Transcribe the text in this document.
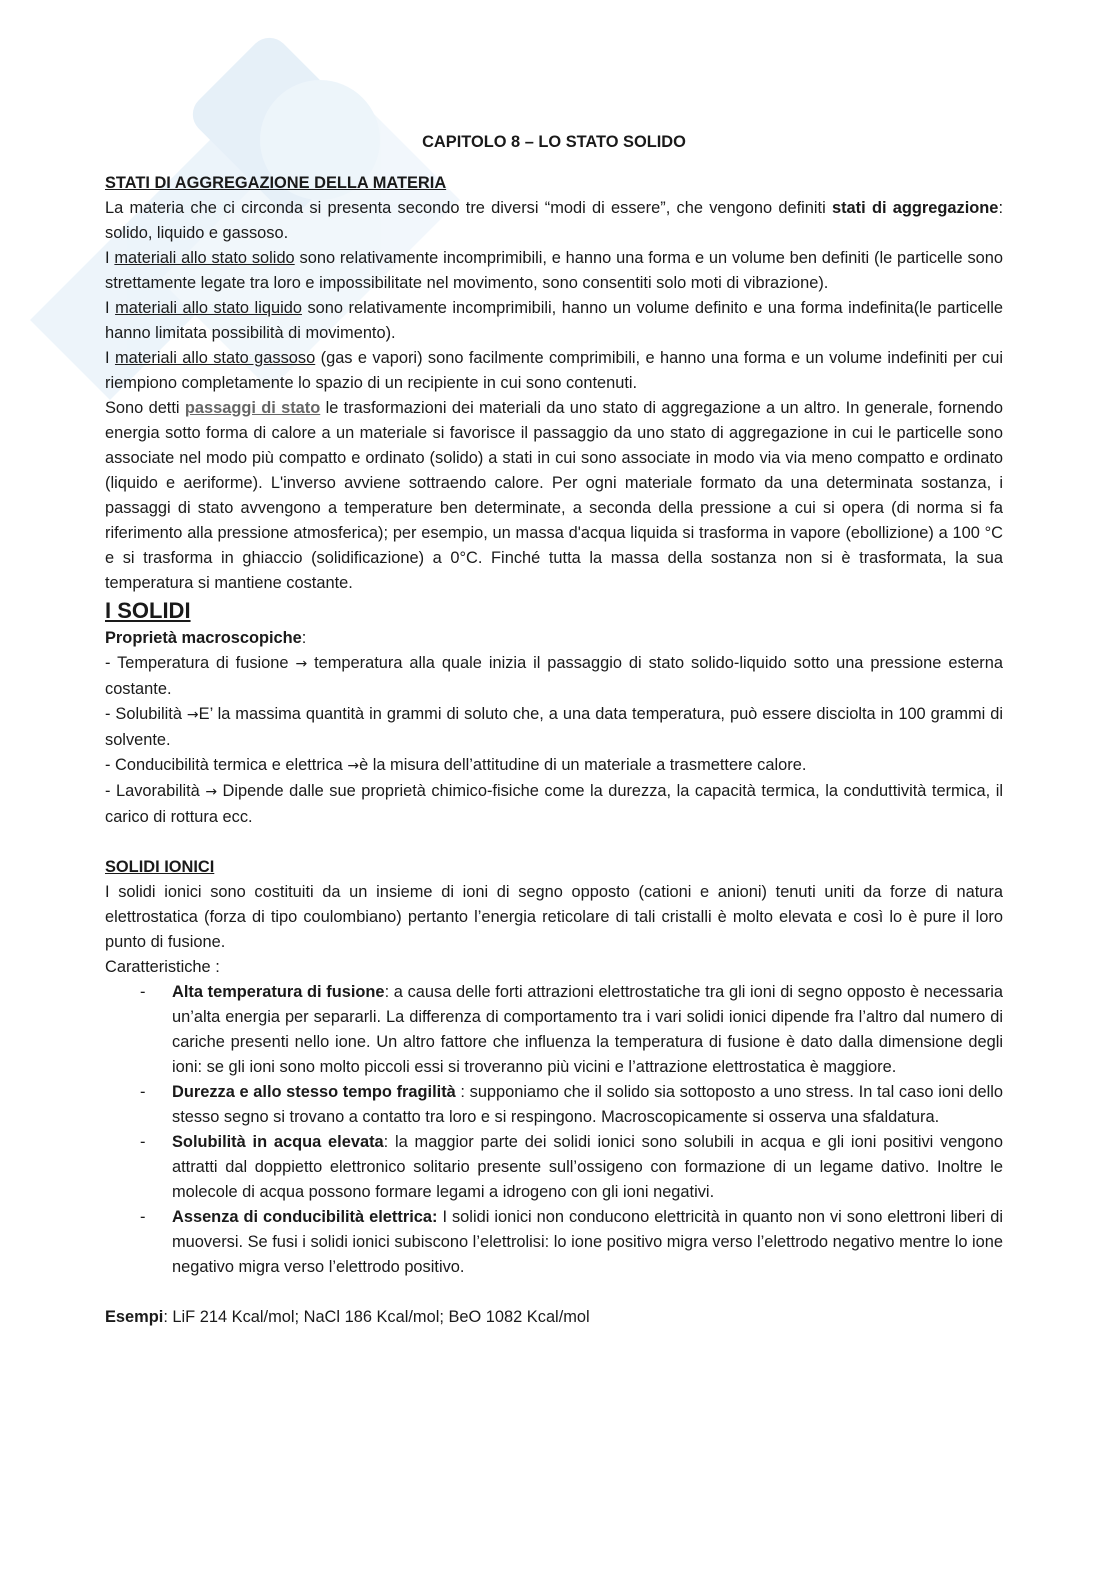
CAPITOLO 8 – LO STATO SOLIDO

STATI DI AGGREGAZIONE DELLA MATERIA

La materia che ci circonda si presenta secondo tre diversi “modi di essere”, che vengono definiti stati di aggregazione: solido, liquido e gassoso.

I materiali allo stato solido sono relativamente incomprimibili, e hanno una forma e un volume ben definiti (le particelle sono strettamente legate tra loro e impossibilitate nel movimento, sono consentiti solo moti di vibrazione).

I materiali allo stato liquido sono relativamente incomprimibili, hanno un volume definito e una forma indefinita(le particelle hanno limitata possibilità di movimento).

I materiali allo stato gassoso (gas e vapori) sono facilmente comprimibili, e hanno una forma e un volume indefiniti per cui riempiono completamente lo spazio di un recipiente in cui sono contenuti.

Sono detti passaggi di stato le trasformazioni dei materiali da uno stato di aggregazione a un altro. In generale, fornendo energia sotto forma di calore a un materiale si favorisce il passaggio da uno stato di aggregazione in cui le particelle sono associate nel modo più compatto e ordinato (solido) a stati in cui sono associate in modo via via meno compatto e ordinato (liquido e aeriforme). L'inverso avviene sottraendo calore. Per ogni materiale formato da una determinata sostanza, i passaggi di stato avvengono a temperature ben determinate, a seconda della pressione a cui si opera (di norma si fa riferimento alla pressione atmosferica); per esempio, un massa d'acqua liquida si trasforma in vapore (ebollizione) a 100 °C e si trasforma in ghiaccio (solidificazione) a 0°C. Finché tutta la massa della sostanza non si è trasformata, la sua temperatura si mantiene costante.

I SOLIDI

Proprietà macroscopiche:

- Temperatura di fusione → temperatura alla quale inizia il passaggio di stato solido-liquido sotto una pressione esterna costante.

- Solubilità →E’ la massima quantità in grammi di soluto che, a una data temperatura, può essere disciolta in 100 grammi di solvente.

- Conducibilità termica e elettrica →è la misura dell’attitudine di un materiale a trasmettere calore.

- Lavorabilità → Dipende dalle sue proprietà chimico-fisiche come la durezza, la capacità termica, la conduttività termica, il carico di rottura ecc.

SOLIDI IONICI

I solidi ionici sono costituiti da un insieme di ioni di segno opposto (cationi e anioni) tenuti uniti da forze di natura elettrostatica (forza di tipo coulombiano) pertanto l’energia reticolare di tali cristalli è molto elevata e così lo è pure il loro punto di fusione.

Caratteristiche :

- Alta temperatura di fusione: a causa delle forti attrazioni elettrostatiche tra gli ioni di segno opposto è necessaria un’alta energia per separarli. La differenza di comportamento tra i vari solidi ionici dipende fra l’altro dal numero di cariche presenti nello ione. Un altro fattore che influenza la temperatura di fusione è dato dalla dimensione degli ioni: se gli ioni sono molto piccoli essi si troveranno più vicini e l’attrazione elettrostatica è maggiore.
- Durezza e allo stesso tempo fragilità : supponiamo che il solido sia sottoposto a uno stress. In tal caso ioni dello stesso segno si trovano a contatto tra loro e si respingono. Macroscopicamente si osserva una sfaldatura.
- Solubilità in acqua elevata: la maggior parte dei solidi ionici sono solubili in acqua e gli ioni positivi vengono attratti dal doppietto elettronico solitario presente sull’ossigeno con formazione di un legame dativo. Inoltre le molecole di acqua possono formare legami a idrogeno con gli ioni negativi.
- Assenza di conducibilità elettrica: I solidi ionici non conducono elettricità in quanto non vi sono elettroni liberi di muoversi. Se fusi i solidi ionici subiscono l’elettrolisi: lo ione positivo migra verso l’elettrodo negativo mentre lo ione negativo migra verso l’elettrodo positivo.

Esempi: LiF 214 Kcal/mol; NaCl 186 Kcal/mol; BeO 1082 Kcal/mol
